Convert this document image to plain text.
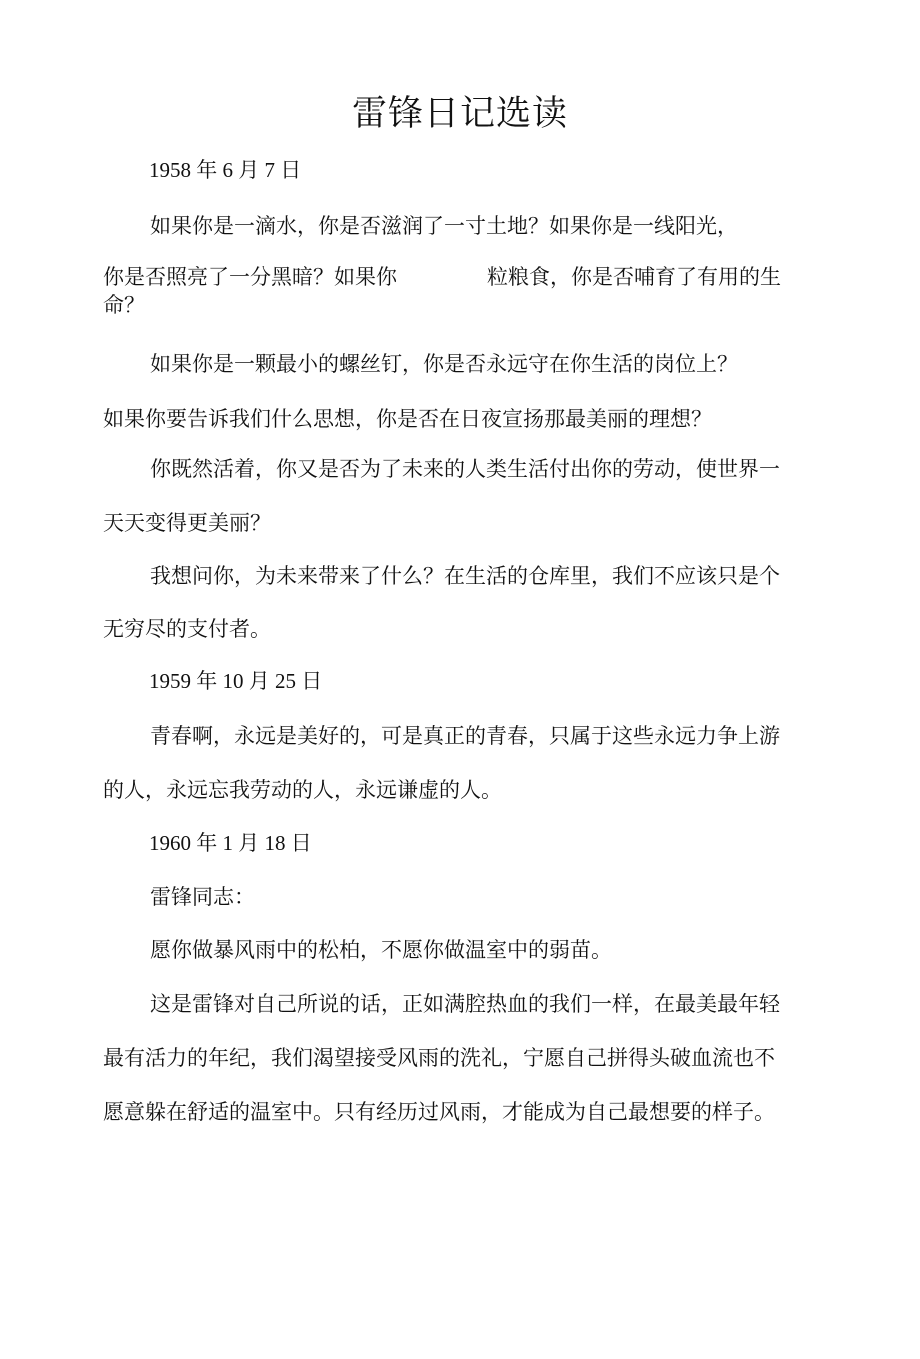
雷锋日记选读
1958 年 6 月 7 日
如果你是一滴水，你是否滋润了一寸土地？如果你是一线阳光，
你是否照亮了一分黑暗？如果你	粒粮食，你是否哺育了有用的生
命？
如果你是一颗最小的螺丝钉，你是否永远守在你生活的岗位上？
如果你要告诉我们什么思想，你是否在日夜宣扬那最美丽的理想？
你既然活着，你又是否为了未来的人类生活付出你的劳动，使世界一
天天变得更美丽？
我想问你，为未来带来了什么？在生活的仓库里，我们不应该只是个
无穷尽的支付者。
1959 年 10 月 25 日
青春啊，永远是美好的，可是真正的青春，只属于这些永远力争上游
的人，永远忘我劳动的人，永远谦虚的人。
1960 年 1 月 18 日
雷锋同志：
愿你做暴风雨中的松柏，不愿你做温室中的弱苗。
这是雷锋对自己所说的话，正如满腔热血的我们一样，在最美最年轻
最有活力的年纪，我们渴望接受风雨的洗礼，宁愿自己拼得头破血流也不
愿意躲在舒适的温室中。只有经历过风雨，才能成为自己最想要的样子。
